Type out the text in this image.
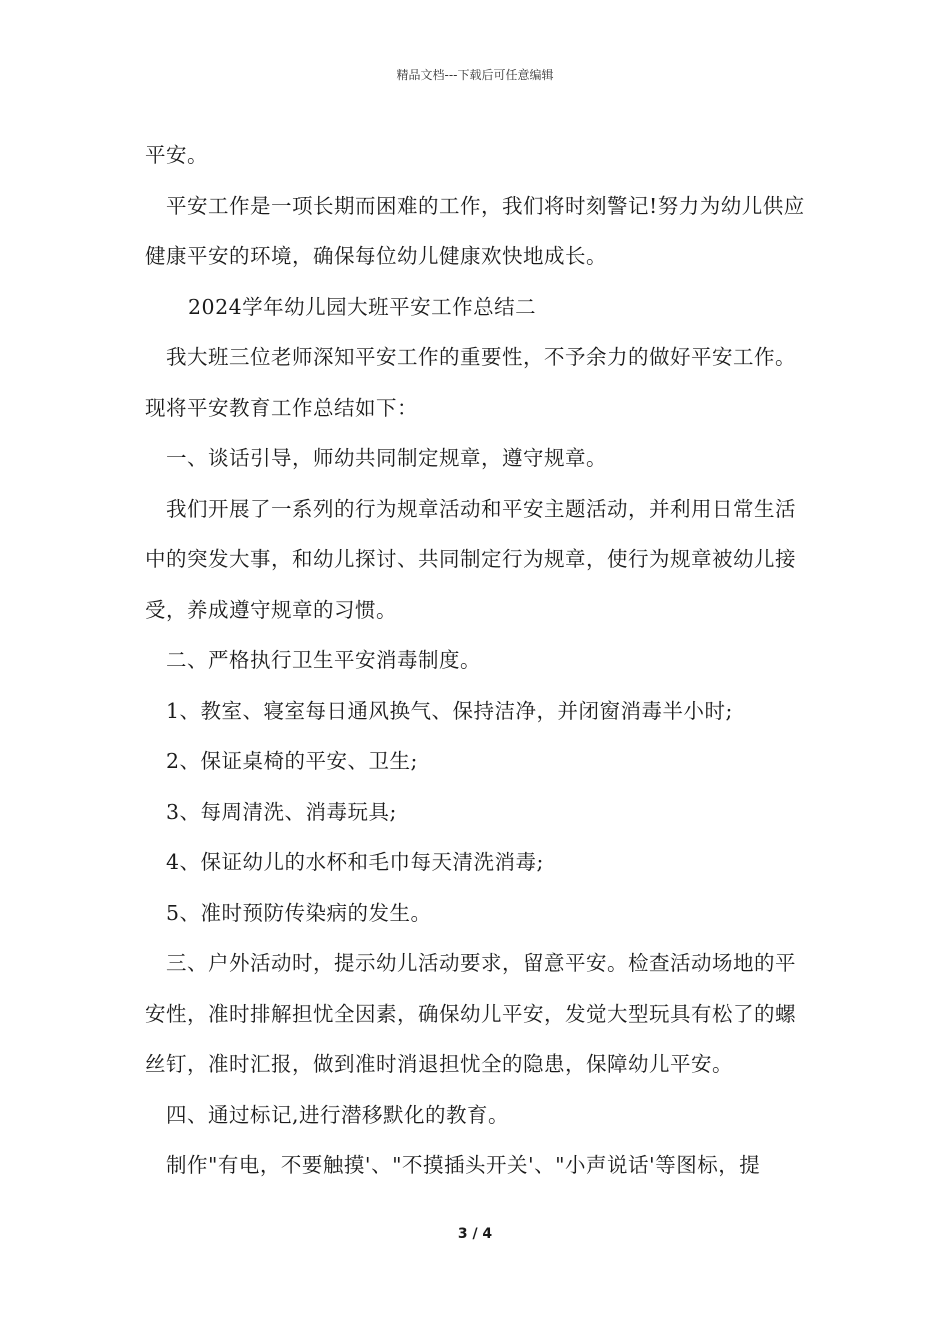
精品文档---下载后可任意编辑

平安。

平安工作是一项长期而困难的工作，我们将时刻警记!努力为幼儿供应健康平安的环境，确保每位幼儿健康欢快地成长。

2024学年幼儿园大班平安工作总结二

我大班三位老师深知平安工作的重要性，不予余力的做好平安工作。现将平安教育工作总结如下：

一、谈话引导，师幼共同制定规章，遵守规章。

我们开展了一系列的行为规章活动和平安主题活动，并利用日常生活中的突发大事，和幼儿探讨、共同制定行为规章，使行为规章被幼儿接受，养成遵守规章的习惯。

二、严格执行卫生平安消毒制度。

1、教室、寝室每日通风换气、保持洁净，并闭窗消毒半小时;

2、保证桌椅的平安、卫生;

3、每周清洗、消毒玩具;

4、保证幼儿的水杯和毛巾每天清洗消毒;

5、准时预防传染病的发生。

三、户外活动时，提示幼儿活动要求，留意平安。检查活动场地的平安性，准时排解担忧全因素，确保幼儿平安，发觉大型玩具有松了的螺丝钉，准时汇报，做到准时消退担忧全的隐患，保障幼儿平安。

四、通过标记,进行潜移默化的教育。

制作"有电，不要触摸'、"不摸插头开关'、"小声说话'等图标，提

3 / 4
